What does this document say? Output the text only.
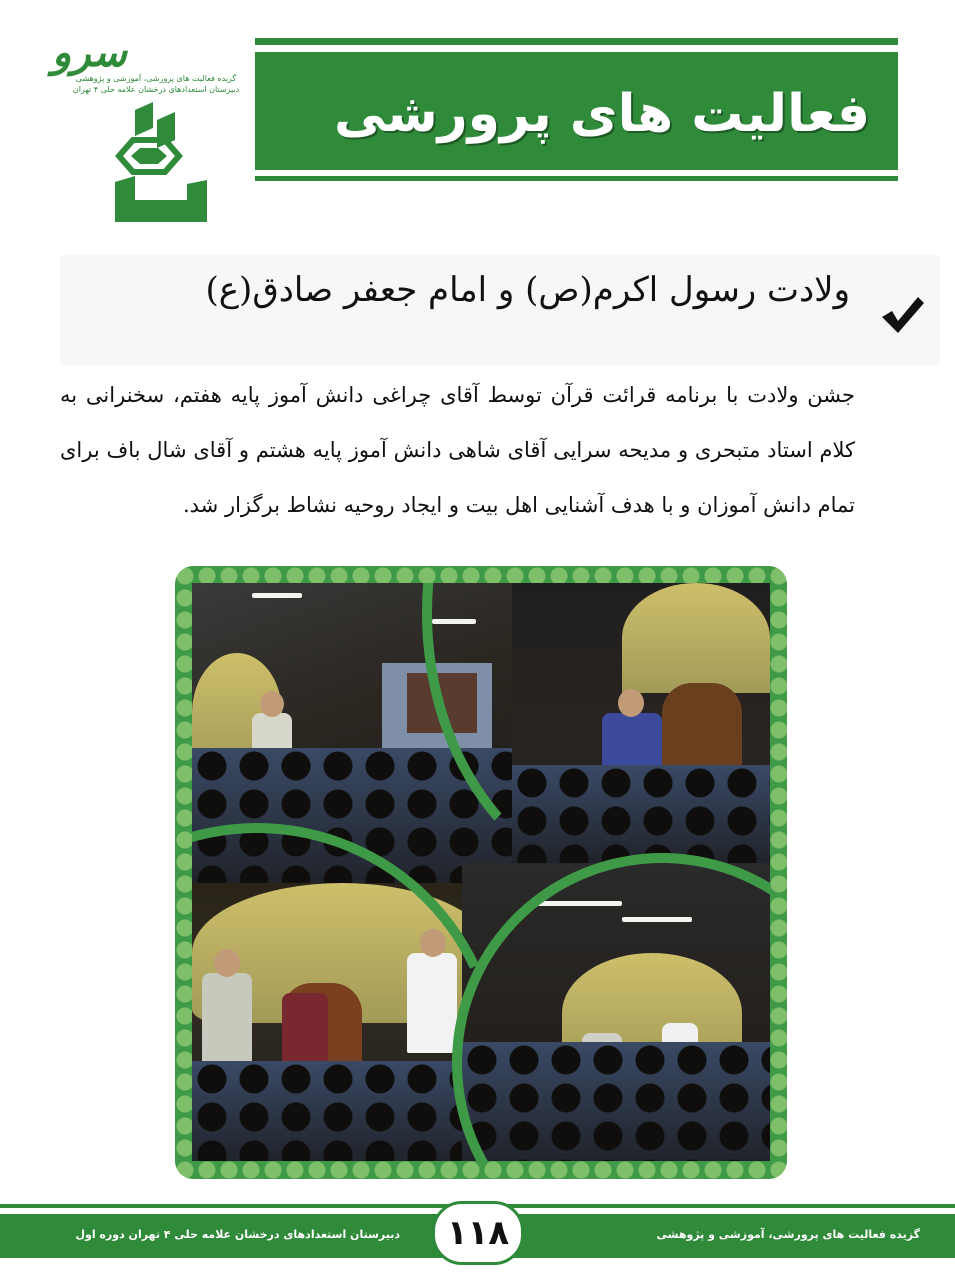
سرو
گزیده فعالیت های پرورشی، آموزشی و پژوهشی
دبیرستان استعدادهای درخشان علامه حلی ۴ تهران فعالیت های پرورشی
ولادت رسول اکرم(ص) و امام جعفر صادق(ع)
جشن ولادت با برنامه قرائت قرآن توسط آقای چراغی دانش آموز پایه هفتم، سخنرانی به کلام استاد متبحری و مدیحه سرایی آقای شاهی دانش آموز پایه هشتم و آقای شال باف برای تمام دانش آموزان و با هدف آشنایی اهل بیت و ایجاد روحیه نشاط برگزار شد.
دبیرستان استعدادهای درخشان علامه حلی ۴ تهران دوره اول	گزیده فعالیت های پرورشی، آموزشی و پژوهشی
۱۱۸
